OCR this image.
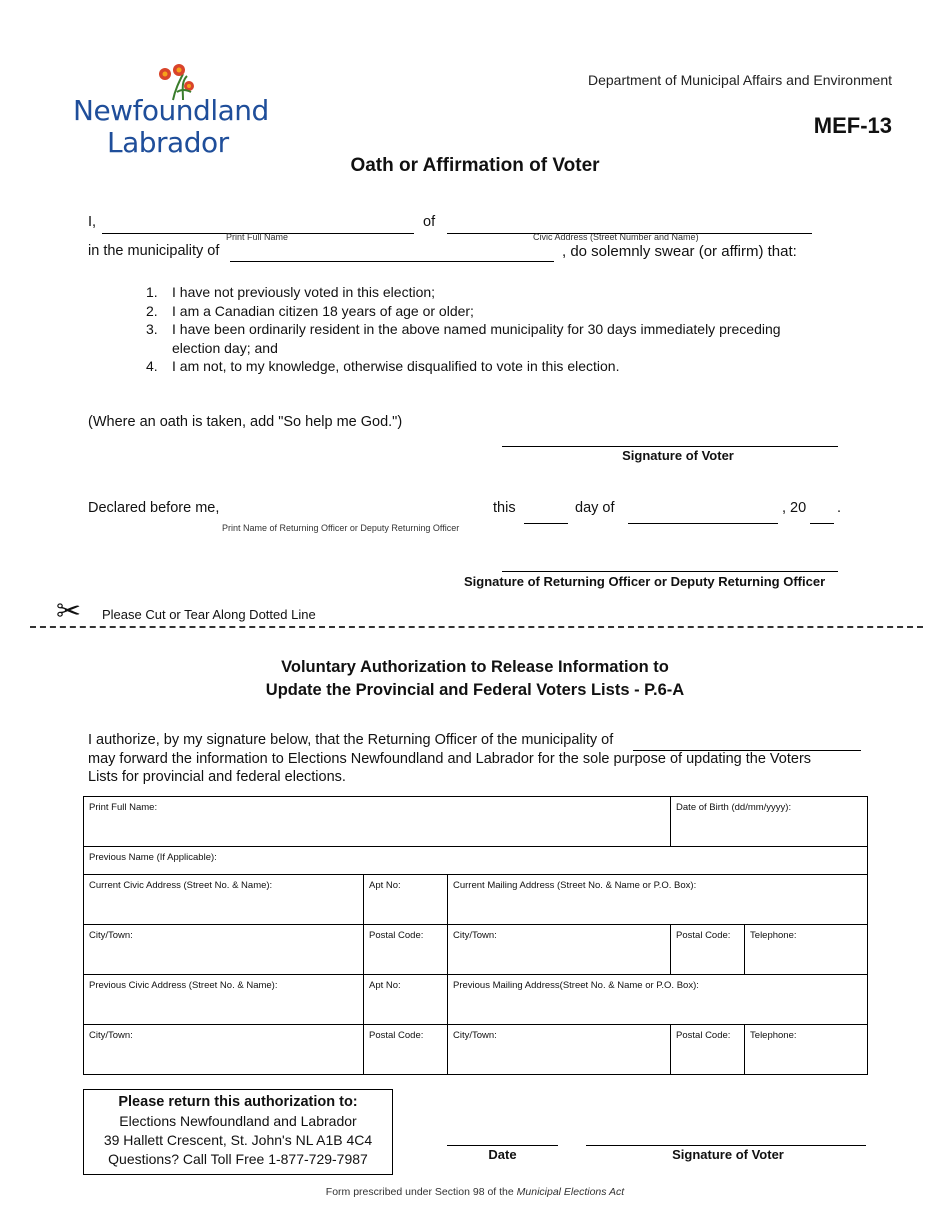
Newfoundland
Labrador
Department of Municipal Affairs and Environment
MEF-13
Oath or Affirmation of Voter
I,
Print Full Name
of
Civic Address (Street Number and Name)
in the municipality of	, do solemnly swear (or affirm) that:
1. I have not previously voted in this election;
2. I am a Canadian citizen 18 years of age or older;
3. I have been ordinarily resident in the above named municipality for 30 days immediately preceding election day; and
4. I am not, to my knowledge, otherwise disqualified to vote in this election.
(Where an oath is taken, add "So help me God.")
Signature of Voter
Declared before me,
Print Name of Returning Officer or Deputy Returning Officer
this	day of	, 20 .
Signature of Returning Officer or Deputy Returning Officer
✂ Please Cut or Tear Along Dotted Line
Voluntary Authorization to Release Information to
Update the Provincial and Federal Voters Lists - P.6-A
I authorize, by my signature below, that the Returning Officer of the municipality of
may forward the information to Elections Newfoundland and Labrador for the sole purpose of updating the Voters
Lists for provincial and federal elections.
Print Full Name:			Date of Birth (dd/mm/yyyy):	
Previous Name (If Applicable):				
Current Civic Address (Street No. & Name):	Apt No:	Current Mailing Address (Street No. & Name or P.O. Box):		
City/Town:	Postal Code:	City/Town:	Postal Code:	Telephone:
Previous Civic Address (Street No. & Name):	Apt No:	Previous Mailing Address(Street No. & Name or P.O. Box):		
City/Town:	Postal Code:	City/Town:	Postal Code:	Telephone:
Please return this authorization to:
Elections Newfoundland and Labrador
39 Hallett Crescent, St. John's NL A1B 4C4
Questions? Call Toll Free 1-877-729-7987	Date	Signature of Voter
Form prescribed under Section 98 of the Municipal Elections Act
